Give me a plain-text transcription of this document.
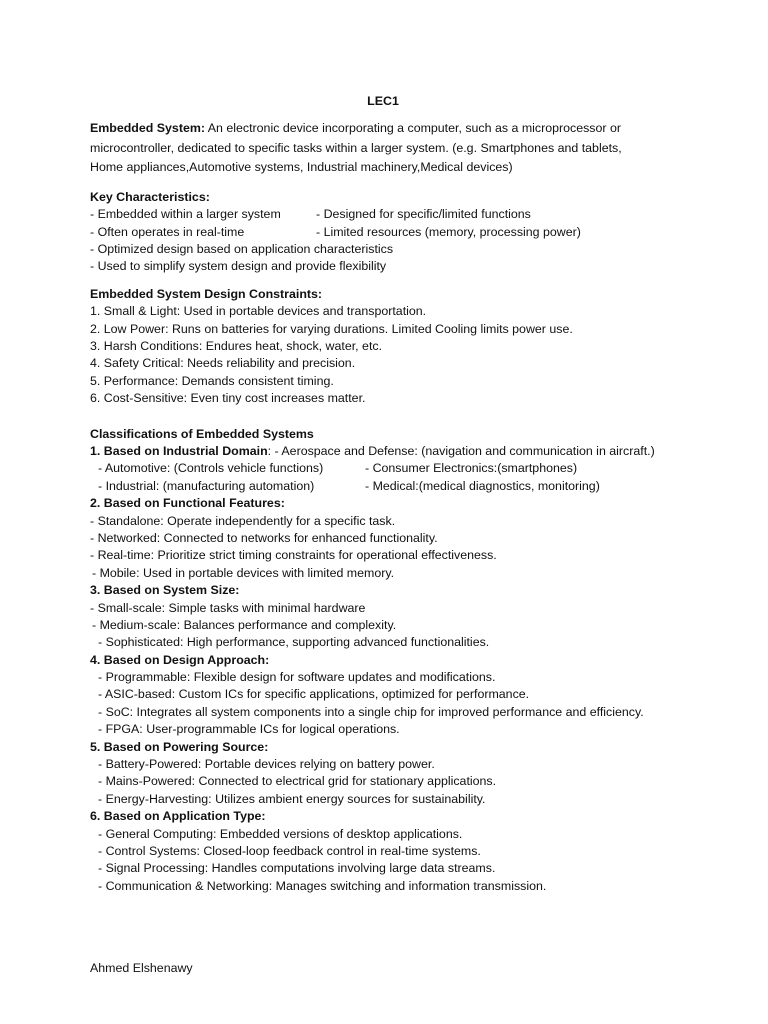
LEC1
Embedded System: An electronic device incorporating a computer, such as a microprocessor or microcontroller, dedicated to specific tasks within a larger system. (e.g. Smartphones and tablets, Home appliances,Automotive systems, Industrial machinery,Medical devices)
Key Characteristics:
- Embedded within a larger system	- Designed for specific/limited functions
- Often operates in real-time	- Limited resources (memory, processing power)
- Optimized design based on application characteristics
- Used to simplify system design and provide flexibility
Embedded System Design Constraints:
1. Small & Light: Used in portable devices and transportation.
2. Low Power: Runs on batteries for varying durations. Limited Cooling limits power use.
3. Harsh Conditions: Endures heat, shock, water, etc.
4. Safety Critical: Needs reliability and precision.
5. Performance: Demands consistent timing.
6. Cost-Sensitive: Even tiny cost increases matter.
Classifications of Embedded Systems
1. Based on Industrial Domain: - Aerospace and Defense: (navigation and communication in aircraft.)
- Automotive: (Controls vehicle functions)	- Consumer Electronics:(smartphones)
- Industrial: (manufacturing automation)	- Medical:(medical diagnostics, monitoring)
2. Based on Functional Features:
- Standalone: Operate independently for a specific task.
- Networked: Connected to networks for enhanced functionality.
- Real-time: Prioritize strict timing constraints for operational effectiveness.
- Mobile: Used in portable devices with limited memory.
3. Based on System Size:
- Small-scale: Simple tasks with minimal hardware
- Medium-scale: Balances performance and complexity.
- Sophisticated: High performance, supporting advanced functionalities.
4. Based on Design Approach:
- Programmable: Flexible design for software updates and modifications.
- ASIC-based: Custom ICs for specific applications, optimized for performance.
- SoC: Integrates all system components into a single chip for improved performance and efficiency.
- FPGA: User-programmable ICs for logical operations.
5. Based on Powering Source:
- Battery-Powered: Portable devices relying on battery power.
- Mains-Powered: Connected to electrical grid for stationary applications.
- Energy-Harvesting: Utilizes ambient energy sources for sustainability.
6. Based on Application Type:
- General Computing: Embedded versions of desktop applications.
- Control Systems: Closed-loop feedback control in real-time systems.
- Signal Processing: Handles computations involving large data streams.
- Communication & Networking: Manages switching and information transmission.
Ahmed Elshenawy
